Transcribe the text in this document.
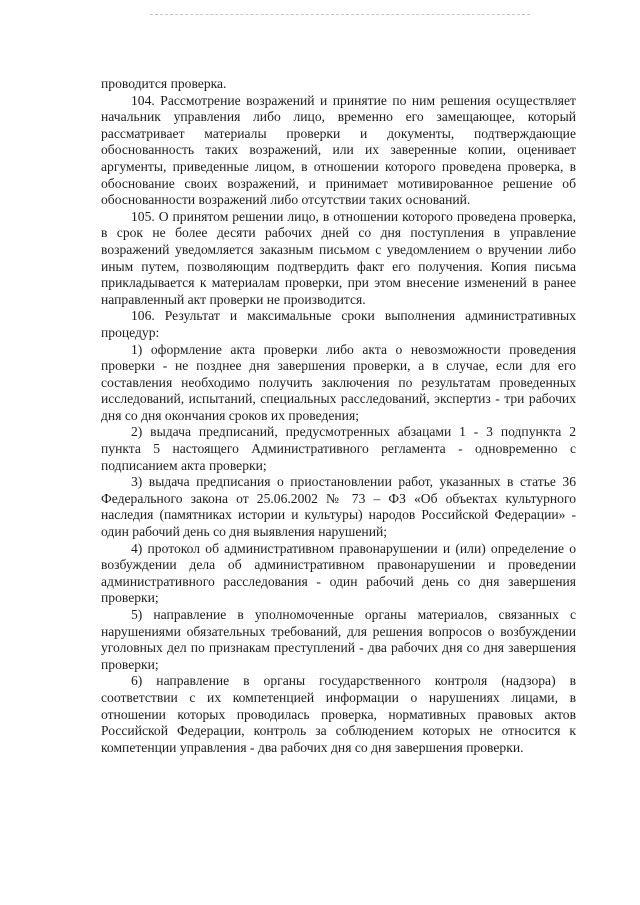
проводится проверка.

104. Рассмотрение возражений и принятие по ним решения осуществляет начальник управления либо лицо, временно его замещающее, который рассматривает материалы проверки и документы, подтверждающие обоснованность таких возражений, или их заверенные копии, оценивает аргументы, приведенные лицом, в отношении которого проведена проверка, в обоснование своих возражений, и принимает мотивированное решение об обоснованности возражений либо отсутствии таких оснований.

105. О принятом решении лицо, в отношении которого проведена проверка, в срок не более десяти рабочих дней со дня поступления в управление возражений уведомляется заказным письмом с уведомлением о вручении либо иным путем, позволяющим подтвердить факт его получения. Копия письма прикладывается к материалам проверки, при этом внесение изменений в ранее направленный акт проверки не производится.

106. Результат и максимальные сроки выполнения административных процедур:

1) оформление акта проверки либо акта о невозможности проведения проверки - не позднее дня завершения проверки, а в случае, если для его составления необходимо получить заключения по результатам проведенных исследований, испытаний, специальных расследований, экспертиз - три рабочих дня со дня окончания сроков их проведения;

2) выдача предписаний, предусмотренных абзацами 1 - 3 подпункта 2 пункта 5 настоящего Административного регламента - одновременно с подписанием акта проверки;

3) выдача предписания о приостановлении работ, указанных в статье 36 Федерального закона от 25.06.2002 № 73 – ФЗ «Об объектах культурного наследия (памятниках истории и культуры) народов Российской Федерации» - один рабочий день со дня выявления нарушений;

4) протокол об административном правонарушении и (или) определение о возбуждении дела об административном правонарушении и проведении административного расследования - один рабочий день со дня завершения проверки;

5) направление в уполномоченные органы материалов, связанных с нарушениями обязательных требований, для решения вопросов о возбуждении уголовных дел по признакам преступлений - два рабочих дня со дня завершения проверки;

6) направление в органы государственного контроля (надзора) в соответствии с их компетенцией информации о нарушениях лицами, в отношении которых проводилась проверка, нормативных правовых актов Российской Федерации, контроль за соблюдением которых не относится к компетенции управления - два рабочих дня со дня завершения проверки.
